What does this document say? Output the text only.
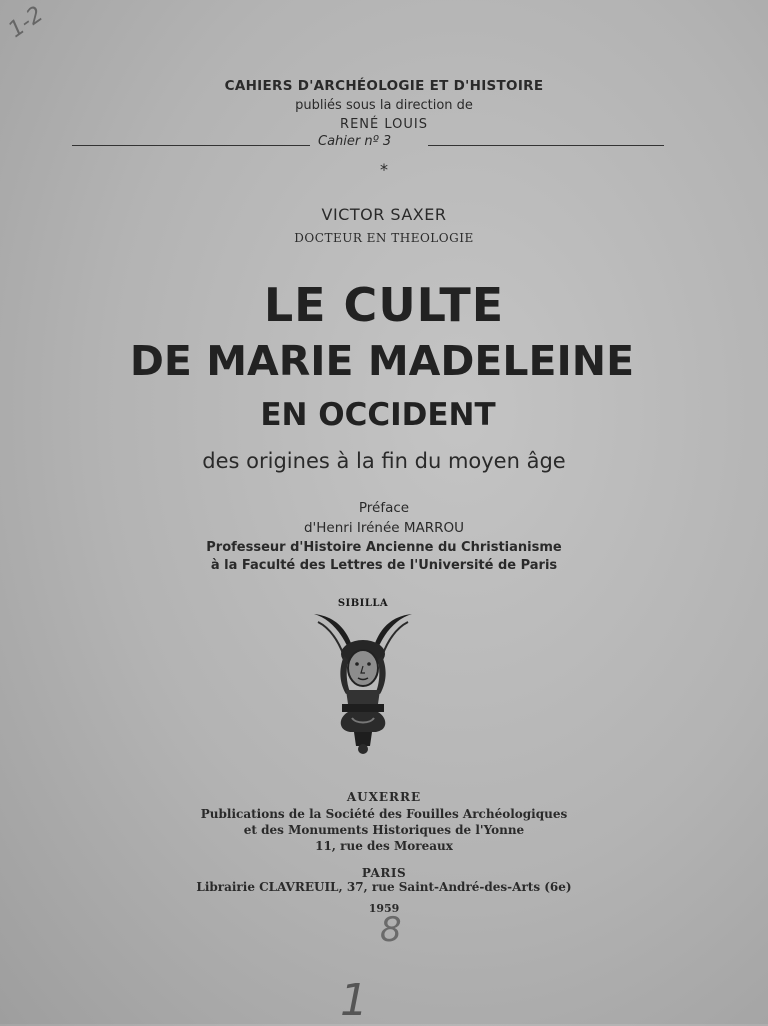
1-2
CAHIERS D'ARCHÉOLOGIE ET D'HISTOIRE
publiés sous la direction de
RENÉ LOUIS
Cahier nº 3
*
VICTOR SAXER
DOCTEUR EN THEOLOGIE
LE CULTE
DE MARIE MADELEINE
EN OCCIDENT
des origines à la fin du moyen âge
Préface
d'Henri Irénée MARROU
Professeur d'Histoire Ancienne du Christianisme
à la Faculté des Lettres de l'Université de Paris
SIBILLA
AUXERRE
Publications de la Société des Fouilles Archéologiques
et des Monuments Historiques de l'Yonne
11, rue des Moreaux
PARIS
Librairie CLAVREUIL, 37, rue Saint-André-des-Arts (6e)
1959
8
1
